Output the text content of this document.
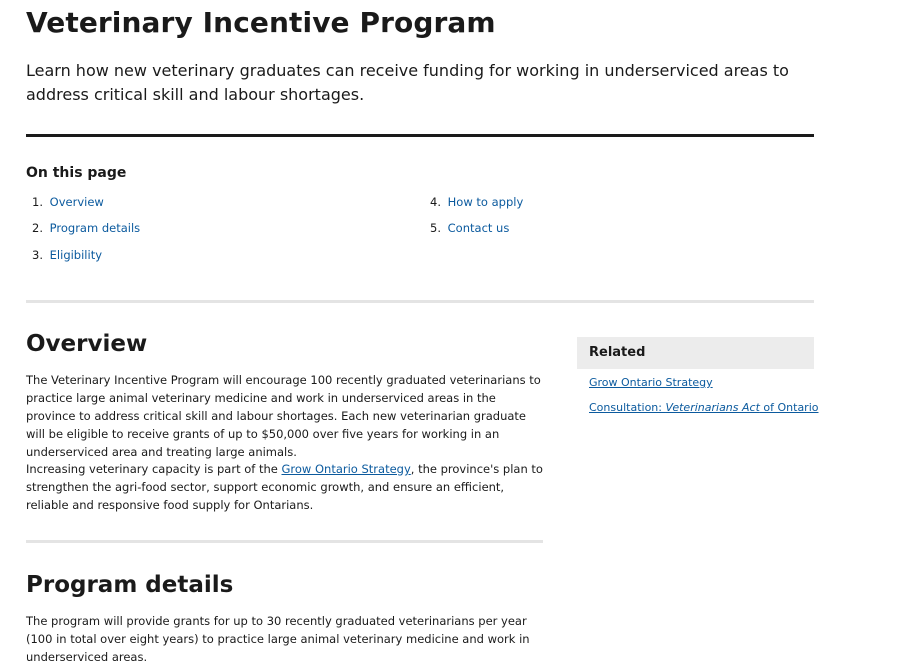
Veterinary Incentive Program

Learn how new veterinary graduates can receive funding for working in underserviced areas to address critical skill and labour shortages.

On this page
1. Overview
2. Program details
3. Eligibility
4. How to apply
5. Contact us
Overview

The Veterinary Incentive Program will encourage 100 recently graduated veterinarians to practice large animal veterinary medicine and work in underserviced areas in the province to address critical skill and labour shortages. Each new veterinarian graduate will be eligible to receive grants of up to $50,000 over five years for working in an underserviced area and treating large animals.

Increasing veterinary capacity is part of the Grow Ontario Strategy, the province's plan to strengthen the agri-food sector, support economic growth, and ensure an efficient, reliable and responsive food supply for Ontarians.

Program details

The program will provide grants for up to 30 recently graduated veterinarians per year (100 in total over eight years) to practice large animal veterinary medicine and work in underserviced areas.

Related
Grow Ontario Strategy
Consultation: Veterinarians Act of Ontario
